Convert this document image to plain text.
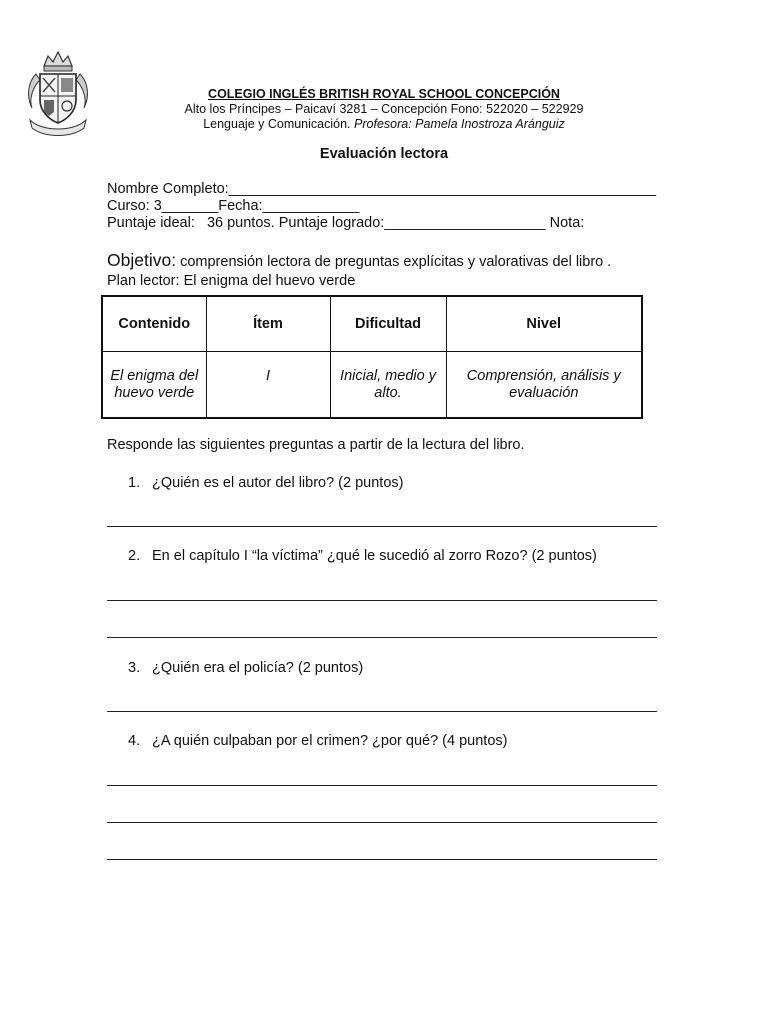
COLEGIO INGLÉS BRITISH ROYAL SCHOOL CONCEPCIÓN
Alto los Príncipes – Paicaví 3281 – Concepción Fono: 522020 – 522929
Lenguaje y Comunicación. Profesora: Pamela Inostroza Aránguiz
Evaluación lectora
Nombre Completo:_____________________________________________________
Curso: 3_______Fecha:____________
Puntaje ideal:   36 puntos. Puntaje logrado:____________________ Nota:
Objetivo: comprensión lectora de preguntas explícitas y valorativas del libro .
Plan lector: El enigma del huevo verde
Contenido	Ítem	Dificultad	Nivel
El enigma del huevo verde	I	Inicial, medio y alto.	Comprensión, análisis y evaluación
Responde las siguientes preguntas a partir de la lectura del libro.
1. ¿Quién es el autor del libro? (2 puntos)
2. En el capítulo I “la víctima” ¿qué le sucedió al zorro Rozo? (2 puntos)
3. ¿Quién era el policía? (2 puntos)
4. ¿A quién culpaban por el crimen? ¿por qué? (4 puntos)
